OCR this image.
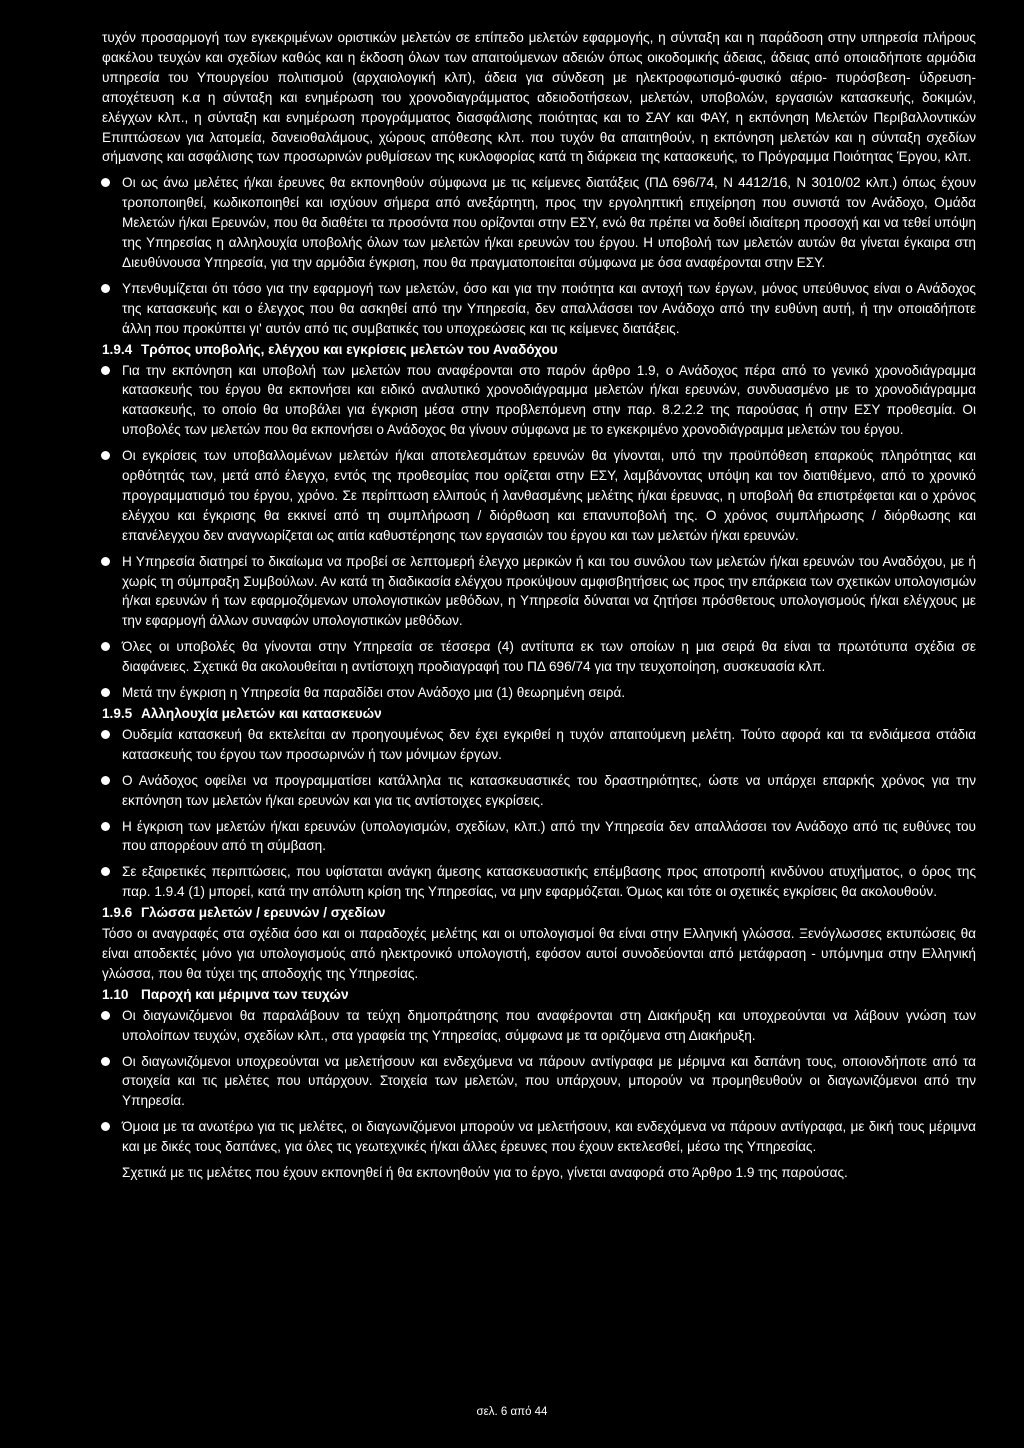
τυχόν προσαρμογή των εγκεκριμένων οριστικών μελετών σε επίπεδο μελετών εφαρμογής, η σύνταξη και η παράδοση στην υπηρεσία πλήρους φακέλου τευχών και σχεδίων καθώς και η έκδοση όλων των απαιτούμενων αδειών όπως οικοδομικής άδειας, άδειας από οποιαδήποτε αρμόδια υπηρεσία του Υπουργείου πολιτισμού (αρχαιολογική κλπ), άδεια για σύνδεση με ηλεκτροφωτισμό-φυσικό αέριο- πυρόσβεση- ύδρευση-αποχέτευση κ.α η σύνταξη και ενημέρωση του χρονοδιαγράμματος αδειοδοτήσεων, μελετών, υποβολών, εργασιών κατασκευής, δοκιμών, ελέγχων κλπ., η σύνταξη και ενημέρωση προγράμματος διασφάλισης ποιότητας και το ΣΑΥ και ΦΑΥ, η εκπόνηση Μελετών Περιβαλλοντικών Επιπτώσεων για λατομεία, δανειοθαλάμους, χώρους απόθεσης κλπ. που τυχόν θα απαιτηθούν, η εκπόνηση μελετών και η σύνταξη σχεδίων σήμανσης και ασφάλισης των προσωρινών ρυθμίσεων της κυκλοφορίας κατά τη διάρκεια της κατασκευής, το Πρόγραμμα Ποιότητας Έργου, κλπ.

Οι ως άνω μελέτες ή/και έρευνες θα εκπονηθούν σύμφωνα με τις κείμενες διατάξεις (ΠΔ 696/74, Ν 4412/16, Ν 3010/02 κλπ.) όπως έχουν τροποποιηθεί, κωδικοποιηθεί και ισχύουν σήμερα από ανεξάρτητη, προς την εργοληπτική επιχείρηση που συνιστά τον Ανάδοχο, Ομάδα Μελετών ή/και Ερευνών, που θα διαθέτει τα προσόντα που ορίζονται στην ΕΣΥ, ενώ θα πρέπει να δοθεί ιδιαίτερη προσοχή και να τεθεί υπόψη της Υπηρεσίας η αλληλουχία υποβολής όλων των μελετών ή/και ερευνών του έργου. Η υποβολή των μελετών αυτών θα γίνεται έγκαιρα στη Διευθύνουσα Υπηρεσία, για την αρμόδια έγκριση, που θα πραγματοποιείται σύμφωνα με όσα αναφέρονται στην ΕΣΥ.
Υπενθυμίζεται ότι τόσο για την εφαρμογή των μελετών, όσο και για την ποιότητα και αντοχή των έργων, μόνος υπεύθυνος είναι ο Ανάδοχος της κατασκευής και ο έλεγχος που θα ασκηθεί από την Υπηρεσία, δεν απαλλάσσει τον Ανάδοχο από την ευθύνη αυτή, ή την οποιαδήποτε άλλη που προκύπτει γι' αυτόν από τις συμβατικές του υποχρεώσεις και τις κείμενες διατάξεις.
1.9.4 Τρόπος υποβολής, ελέγχου και εγκρίσεις μελετών του Αναδόχου
Για την εκπόνηση και υποβολή των μελετών που αναφέρονται στο παρόν άρθρο 1.9, ο Ανάδοχος πέρα από το γενικό χρονοδιάγραμμα κατασκευής του έργου θα εκπονήσει και ειδικό αναλυτικό χρονοδιάγραμμα μελετών ή/και ερευνών, συνδυασμένο με το χρονοδιάγραμμα κατασκευής, το οποίο θα υποβάλει για έγκριση μέσα στην προβλεπόμενη στην παρ. 8.2.2.2 της παρούσας ή στην ΕΣΥ προθεσμία. Οι υποβολές των μελετών που θα εκπονήσει ο Ανάδοχος θα γίνουν σύμφωνα με το εγκεκριμένο χρονοδιάγραμμα μελετών του έργου.
Οι εγκρίσεις των υποβαλλομένων μελετών ή/και αποτελεσμάτων ερευνών θα γίνονται, υπό την προϋπόθεση επαρκούς πληρότητας και ορθότητάς των, μετά από έλεγχο, εντός της προθεσμίας που ορίζεται στην ΕΣΥ, λαμβάνοντας υπόψη και τον διατιθέμενο, από το χρονικό προγραμματισμό του έργου, χρόνο. Σε περίπτωση ελλιπούς ή λανθασμένης μελέτης ή/και έρευνας, η υποβολή θα επιστρέφεται και ο χρόνος ελέγχου και έγκρισης θα εκκινεί από τη συμπλήρωση / διόρθωση και επανυποβολή της. Ο χρόνος συμπλήρωσης / διόρθωσης και επανέλεγχου δεν αναγνωρίζεται ως αιτία καθυστέρησης των εργασιών του έργου και των μελετών ή/και ερευνών.
Η Υπηρεσία διατηρεί το δικαίωμα να προβεί σε λεπτομερή έλεγχο μερικών ή και του συνόλου των μελετών ή/και ερευνών του Αναδόχου, με ή χωρίς τη σύμπραξη Συμβούλων. Αν κατά τη διαδικασία ελέγχου προκύψουν αμφισβητήσεις ως προς την επάρκεια των σχετικών υπολογισμών ή/και ερευνών ή των εφαρμοζόμενων υπολογιστικών μεθόδων, η Υπηρεσία δύναται να ζητήσει πρόσθετους υπολογισμούς ή/και ελέγχους με την εφαρμογή άλλων συναφών υπολογιστικών μεθόδων.
Όλες οι υποβολές θα γίνονται στην Υπηρεσία σε τέσσερα (4) αντίτυπα εκ των οποίων η μια σειρά θα είναι τα πρωτότυπα σχέδια σε διαφάνειες. Σχετικά θα ακολουθείται η αντίστοιχη προδιαγραφή του ΠΔ 696/74 για την τευχοποίηση, συσκευασία κλπ.
Μετά την έγκριση η Υπηρεσία θα παραδίδει στον Ανάδοχο μια (1) θεωρημένη σειρά.
1.9.5 Αλληλουχία μελετών και κατασκευών
Ουδεμία κατασκευή θα εκτελείται αν προηγουμένως δεν έχει εγκριθεί η τυχόν απαιτούμενη μελέτη. Τούτο αφορά και τα ενδιάμεσα στάδια κατασκευής του έργου των προσωρινών ή των μόνιμων έργων.
Ο Ανάδοχος οφείλει να προγραμματίσει κατάλληλα τις κατασκευαστικές του δραστηριότητες, ώστε να υπάρχει επαρκής χρόνος για την εκπόνηση των μελετών ή/και ερευνών και για τις αντίστοιχες εγκρίσεις.
Η έγκριση των μελετών ή/και ερευνών (υπολογισμών, σχεδίων, κλπ.) από την Υπηρεσία δεν απαλλάσσει τον Ανάδοχο από τις ευθύνες του που απορρέουν από τη σύμβαση.
Σε εξαιρετικές περιπτώσεις, που υφίσταται ανάγκη άμεσης κατασκευαστικής επέμβασης προς αποτροπή κινδύνου ατυχήματος, ο όρος της παρ. 1.9.4 (1) μπορεί, κατά την απόλυτη κρίση της Υπηρεσίας, να μην εφαρμόζεται. Όμως και τότε οι σχετικές εγκρίσεις θα ακολουθούν.
1.9.6 Γλώσσα μελετών / ερευνών / σχεδίων

Τόσο οι αναγραφές στα σχέδια όσο και οι παραδοχές μελέτης και οι υπολογισμοί θα είναι στην Ελληνική γλώσσα. Ξενόγλωσσες εκτυπώσεις θα είναι αποδεκτές μόνο για υπολογισμούς από ηλεκτρονικό υπολογιστή, εφόσον αυτοί συνοδεύονται από μετάφραση - υπόμνημα στην Ελληνική γλώσσα, που θα τύχει της αποδοχής της Υπηρεσίας.

1.10 Παροχή και μέριμνα των τευχών
Οι διαγωνιζόμενοι θα παραλάβουν τα τεύχη δημοπράτησης που αναφέρονται στη Διακήρυξη και υποχρεούνται να λάβουν γνώση των υπολοίπων τευχών, σχεδίων κλπ., στα γραφεία της Υπηρεσίας, σύμφωνα με τα οριζόμενα στη Διακήρυξη.
Οι διαγωνιζόμενοι υποχρεούνται να μελετήσουν και ενδεχόμενα να πάρουν αντίγραφα με μέριμνα και δαπάνη τους, οποιονδήποτε από τα στοιχεία και τις μελέτες που υπάρχουν. Στοιχεία των μελετών, που υπάρχουν, μπορούν να προμηθευθούν οι διαγωνιζόμενοι από την Υπηρεσία.
Όμοια με τα ανωτέρω για τις μελέτες, οι διαγωνιζόμενοι μπορούν να μελετήσουν, και ενδεχόμενα να πάρουν αντίγραφα, με δική τους μέριμνα και με δικές τους δαπάνες, για όλες τις γεωτεχνικές ή/και άλλες έρευνες που έχουν εκτελεσθεί, μέσω της Υπηρεσίας.

Σχετικά με τις μελέτες που έχουν εκπονηθεί ή θα εκπονηθούν για το έργο, γίνεται αναφορά στο Άρθρο 1.9 της παρούσας.

σελ. 6 από 44
